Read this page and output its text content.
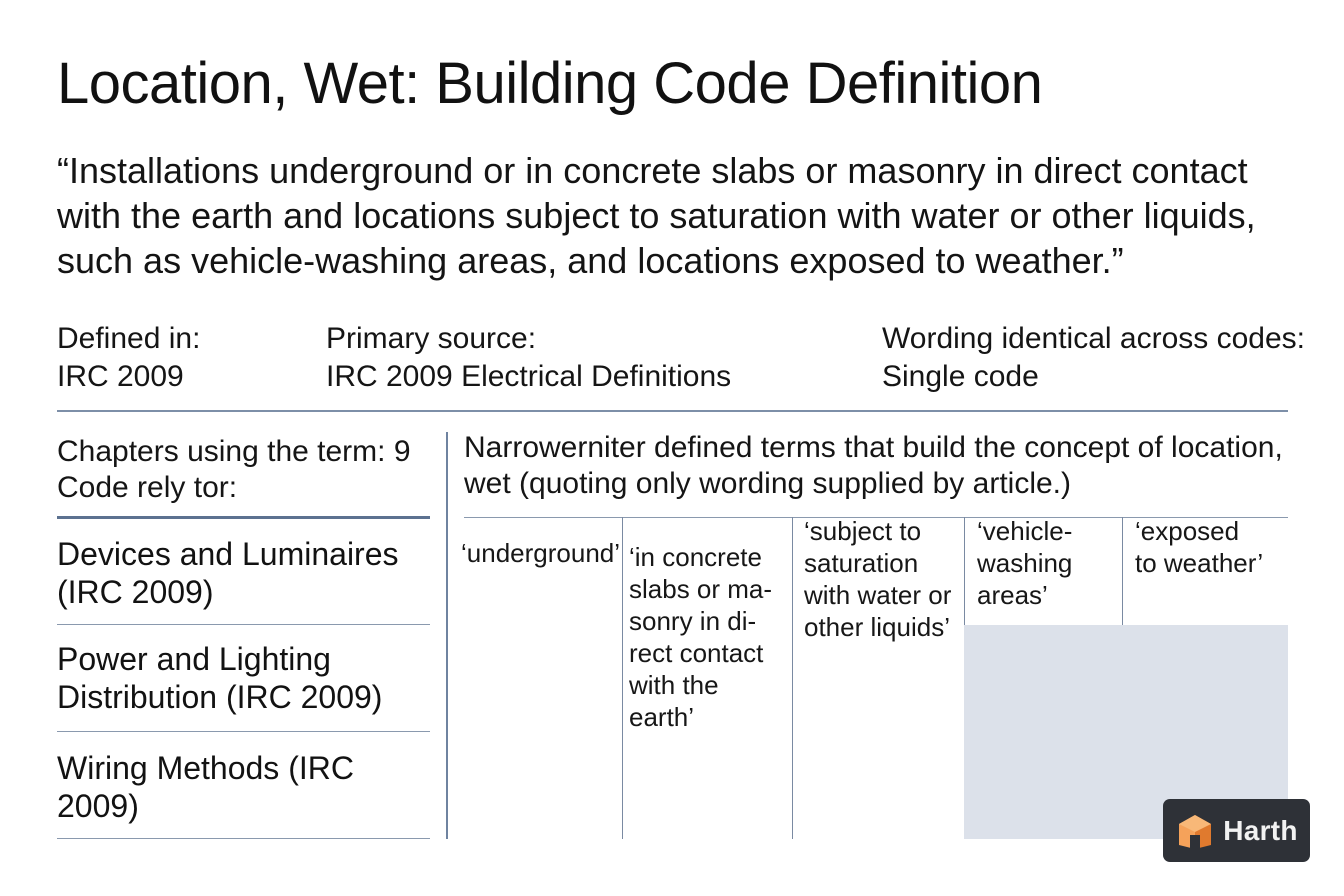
Location, Wet: Building Code Definition

“Installations underground or in concrete slabs or masonry in direct contact with the earth and locations subject to saturation with water or other liquids, such as vehicle-washing areas, and locations exposed to weather.”

Defined in:
IRC 2009
Primary source:
IRC 2009 Electrical Definitions
Wording identical across codes:
Single code
Chapters using the term: 9
Code rely tor:
Devices and Luminaires (IRC 2009)
Power and Lighting Distribution (IRC 2009)
Wiring Methods (IRC 2009)
Narrowerniter defined terms that build the concept of location, wet (quoting only wording supplied by article.)
‘underground’ ‘in concrete slabs or ma- sonry in di- rect contact with the earth’
‘subject to saturation with water or other liquids’
‘vehicle- washing areas’
‘exposed to weather’
Harth
